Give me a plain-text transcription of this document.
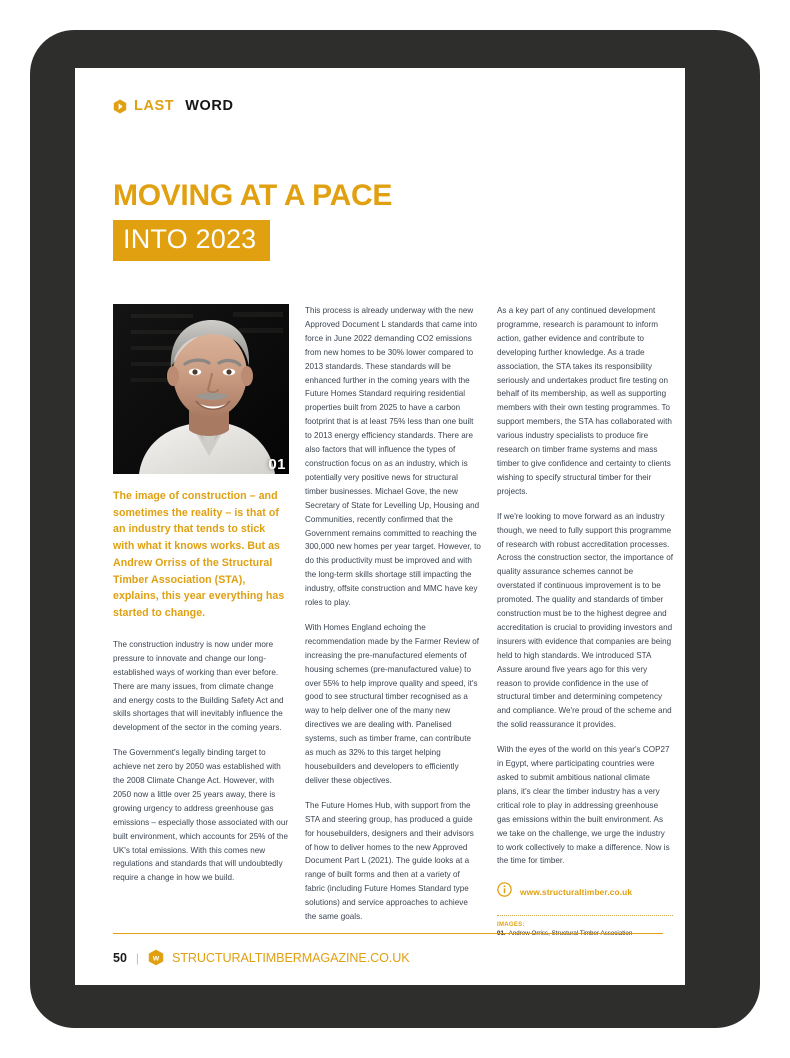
LAST WORD
MOVING AT A PACE
INTO 2023
01

The image of construction – and sometimes the reality – is that of an industry that tends to stick with what it knows works. But as Andrew Orriss of the Structural Timber Association (STA), explains, this year everything has started to change.

The construction industry is now under more pressure to innovate and change our long-established ways of working than ever before. There are many issues, from climate change and energy costs to the Building Safety Act and skills shortages that will inevitably influence the development of the sector in the coming years.

The Government's legally binding target to achieve net zero by 2050 was established with the 2008 Climate Change Act. However, with 2050 now a little over 25 years away, there is growing urgency to address greenhouse gas emissions – especially those associated with our built environment, which accounts for 25% of the UK's total emissions. With this comes new regulations and standards that will undoubtedly require a change in how we build.

This process is already underway with the new Approved Document L standards that came into force in June 2022 demanding CO2 emissions from new homes to be 30% lower compared to 2013 standards. These standards will be enhanced further in the coming years with the Future Homes Standard requiring residential properties built from 2025 to have a carbon footprint that is at least 75% less than one built to 2013 energy efficiency standards. There are also factors that will influence the types of construction focus on as an industry, which is potentially very positive news for structural timber businesses. Michael Gove, the new Secretary of State for Levelling Up, Housing and Communities, recently confirmed that the Government remains committed to reaching the 300,000 new homes per year target. However, to do this productivity must be improved and with the long-term skills shortage still impacting the industry, offsite construction and MMC have key roles to play.

With Homes England echoing the recommendation made by the Farmer Review of increasing the pre-manufactured elements of housing schemes (pre-manufactured value) to over 55% to help improve quality and speed, it's good to see structural timber recognised as a way to help deliver one of the many new directives we are dealing with. Panelised systems, such as timber frame, can contribute as much as 32% to this target helping housebuilders and developers to efficiently deliver these objectives.

The Future Homes Hub, with support from the STA and steering group, has produced a guide for housebuilders, designers and their advisors of how to deliver homes to the new Approved Document Part L (2021). The guide looks at a range of built forms and then at a variety of fabric (including Future Homes Standard type solutions) and service approaches to achieve the same goals.

As a key part of any continued development programme, research is paramount to inform action, gather evidence and contribute to developing further knowledge. As a trade association, the STA takes its responsibility seriously and undertakes product fire testing on behalf of its membership, as well as supporting members with their own testing programmes. To support members, the STA has collaborated with various industry specialists to produce fire research on timber frame systems and mass timber to give confidence and certainty to clients wishing to specify structural timber for their projects.

If we're looking to move forward as an industry though, we need to fully support this programme of research with robust accreditation processes. Across the construction sector, the importance of quality assurance schemes cannot be overstated if continuous improvement is to be promoted. The quality and standards of timber construction must be to the highest degree and accreditation is crucial to providing investors and insurers with evidence that companies are being held to high standards. We introduced STA Assure around five years ago for this very reason to provide confidence in the use of structural timber and determining competency and compliance. We're proud of the scheme and the solid reassurance it provides.

With the eyes of the world on this year's COP27 in Egypt, where participating countries were asked to submit ambitious national climate plans, it's clear the timber industry has a very critical role to play in addressing greenhouse gas emissions within the built environment. As we take on the challenge, we urge the industry to work collectively to make a difference. Now is the time for timber.

www.structuraltimber.co.uk
IMAGES:
01. Andrew Orriss, Structural Timber Association
50 | w STRUCTURALTIMBERMAGAZINE.CO.UK
